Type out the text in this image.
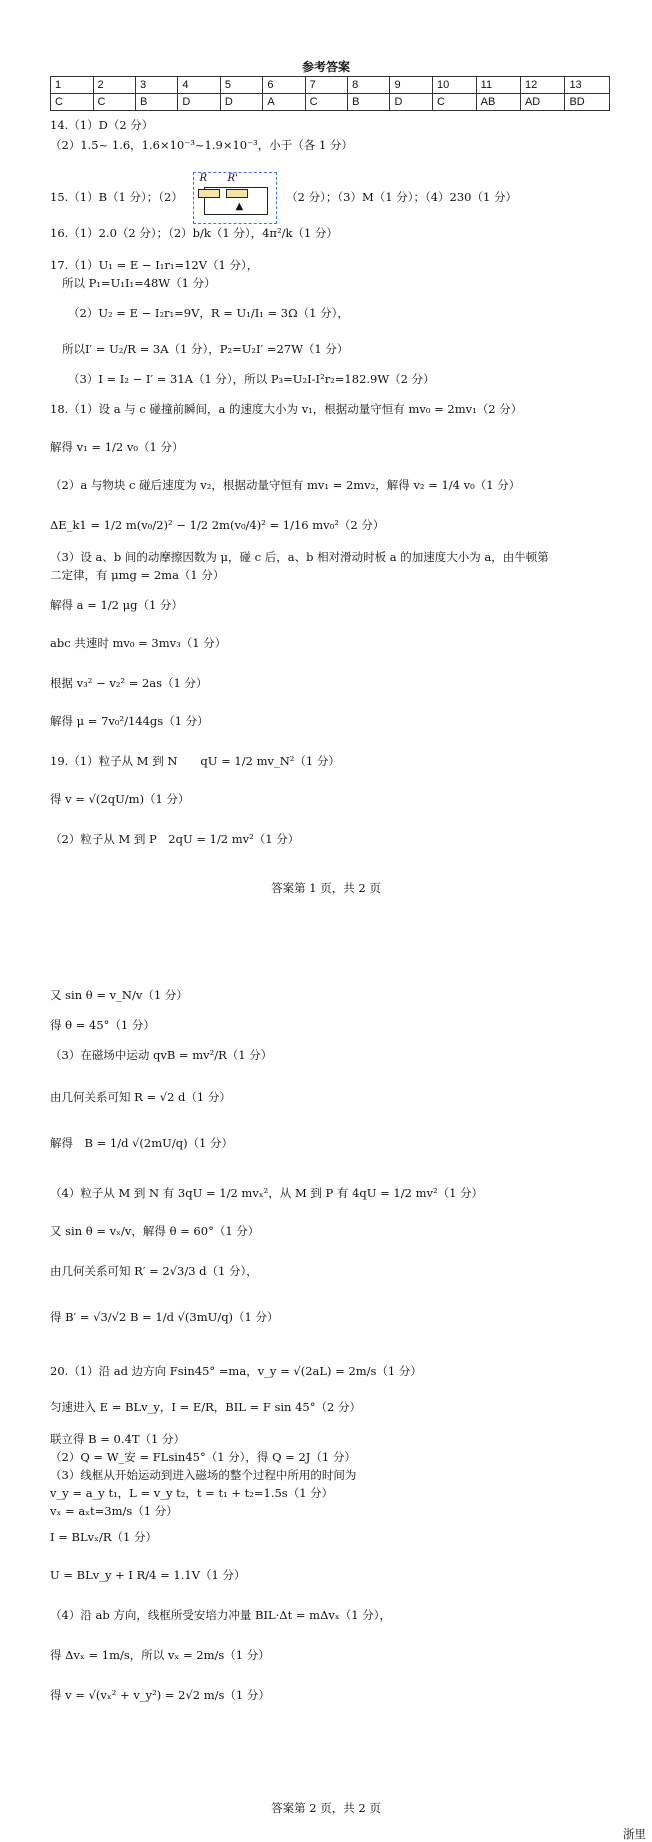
参考答案
1	2	3	4	5	6	7	8	9	10	11	12	13
C	C	B	D	D	A	C	B	D	C	AB	AD	BD
14.（1）D（2 分）
（2）1.5~ 1.6，1.6×10⁻³~1.9×10⁻³，小于（各 1 分）
15.（1）B（1 分）；（2）
R R'
▲
（2 分）；（3）M（1 分）；（4）230（1 分）
16.（1）2.0（2 分）；（2）b/k（1 分），4π²/k（1 分）
17.（1）U₁ = E − I₁r₁=12V（1 分），
所以 P₁=U₁I₁=48W（1 分）
（2）U₂ = E − I₂r₁=9V，R = U₁/I₁ = 3Ω（1 分），
所以I′ = U₂/R = 3A（1 分），P₂=U₂I′ =27W（1 分）
（3）I = I₂ − I′ = 31A（1 分），所以 P₃=U₂I-I²r₂=182.9W（2 分）
18.（1）设 a 与 c 碰撞前瞬间，a 的速度大小为 v₁，根据动量守恒有 mv₀ = 2mv₁（2 分）
解得 v₁ = 1/2 v₀（1 分）
（2）a 与物块 c 碰后速度为 v₂，根据动量守恒有 mv₁ = 2mv₂，解得 v₂ = 1/4 v₀（1 分）
ΔE_k1 = 1/2 m(v₀/2)² − 1/2 2m(v₀/4)² = 1/16 mv₀²（2 分）
（3）设 a、b 间的动摩擦因数为 μ，碰 c 后，a、b 相对滑动时板 a 的加速度大小为 a，由牛顿第
二定律，有 μmg = 2ma（1 分）
解得 a = 1/2 μg（1 分）
abc 共速时 mv₀ = 3mv₃（1 分）
根据 v₃² − v₂² = 2as（1 分）
解得 μ = 7v₀²/144gs（1 分）
19.（1）粒子从 M 到 N　　qU = 1/2 mv_N²（1 分）
得 v = √(2qU/m)（1 分）
（2）粒子从 M 到 P　2qU = 1/2 mv²（1 分）
答案第 1 页，共 2 页
又 sin θ = v_N/v（1 分）
得 θ = 45°（1 分）
（3）在磁场中运动 qvB = mv²/R（1 分）
由几何关系可知 R = √2 d（1 分）
解得　B = 1/d √(2mU/q)（1 分）
（4）粒子从 M 到 N 有 3qU = 1/2 mvₓ²，从 M 到 P 有 4qU = 1/2 mv²（1 分）
又 sin θ = vₓ/v，解得 θ = 60°（1 分）
由几何关系可知 R′ = 2√3/3 d（1 分），
得 B′ = √3/√2 B = 1/d √(3mU/q)（1 分）
20.（1）沿 ad 边方向 Fsin45° =ma，v_y = √(2aL) = 2m/s（1 分）
匀速进入 E = BLv_y，I = E/R，BIL = F sin 45°（2 分）
联立得 B = 0.4T（1 分）
（2）Q = W_安 = FLsin45°（1 分），得 Q = 2J（1 分）
（3）线框从开始运动到进入磁场的整个过程中所用的时间为
v_y = a_y t₁，L = v_y t₂，t = t₁ + t₂=1.5s（1 分）
vₓ = aₓt=3m/s（1 分）
I = BLvₓ/R（1 分）
U = BLv_y + I R/4 = 1.1V（1 分）
（4）沿 ab 方向，线框所受安培力冲量 BIL·Δt = mΔvₓ（1 分），
得 Δvₓ = 1m/s，所以 vₓ = 2m/s（1 分）
得 v = √(vₓ² + v_y²) = 2√2 m/s（1 分）
答案第 2 页，共 2 页
浙里
